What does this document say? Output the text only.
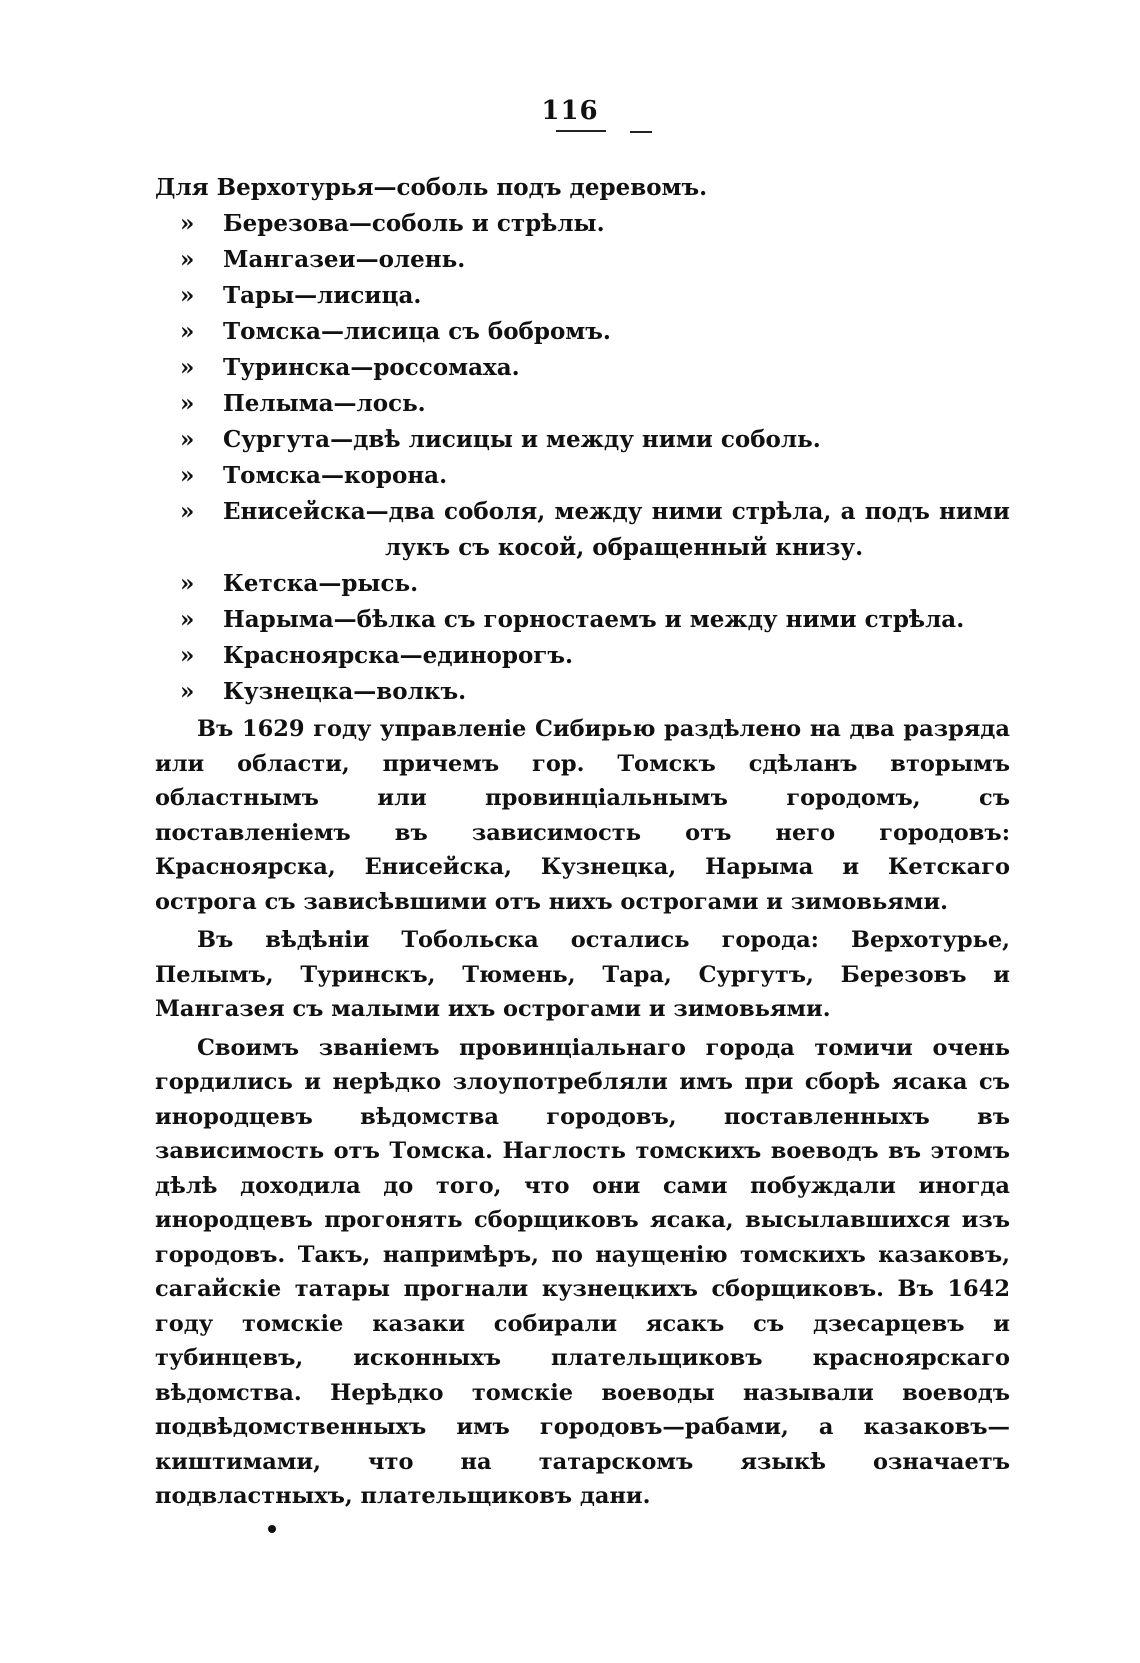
116
Для Верхотурья—соболь подъ деревомъ.
» Березова—соболь и стрѣлы.
» Мангазеи—олень.
» Тары—лисица.
» Томска—лисица съ бобромъ.
» Туринска—россомаха.
» Пелыма—лось.
» Сургута—двѣ лисицы и между ними соболь.
» Томска—корона.
» Енисейска—два соболя, между ними стрѣла, а подъ ними
лукъ съ косой, обращенный книзу.
» Кетска—рысь.
» Нарыма—бѣлка съ горностаемъ и между ними стрѣла.
» Красноярска—единорогъ.
» Кузнецка—волкъ.

Въ 1629 году управленіе Сибирью раздѣлено на два разряда или области, причемъ гор. Томскъ сдѣланъ вторымъ областнымъ или провинціальнымъ городомъ, съ поставленіемъ въ зависимость отъ него городовъ: Красноярска, Енисейска, Кузнецка, Нарыма и Кетскаго острога съ зависѣвшими отъ нихъ острогами и зимовьями.

Въ вѣдѣніи Тобольска остались города: Верхотурье, Пелымъ, Туринскъ, Тюмень, Тара, Сургутъ, Березовъ и Мангазея съ малыми ихъ острогами и зимовьями.

Своимъ званіемъ провинціальнаго города томичи очень гордились и нерѣдко злоупотребляли имъ при сборѣ ясака съ инородцевъ вѣдомства городовъ, поставленныхъ въ зависимость отъ Томска. Наглость томскихъ воеводъ въ этомъ дѣлѣ доходила до того, что они сами побуждали иногда инородцевъ прогонять сборщиковъ ясака, высылавшихся изъ городовъ. Такъ, напримѣръ, по наущенію томскихъ казаковъ, сагайскіе татары прогнали кузнецкихъ сборщиковъ. Въ 1642 году томскіе казаки собирали ясакъ съ дзесарцевъ и тубинцевъ, исконныхъ плательщиковъ красноярскаго вѣдомства. Нерѣдко томскіе воеводы называли воеводъ подвѣдомственныхъ имъ городовъ—рабами, а казаковъ—киштимами, что на татарскомъ языкѣ означаетъ подвластныхъ, плательщиковъ дани.
